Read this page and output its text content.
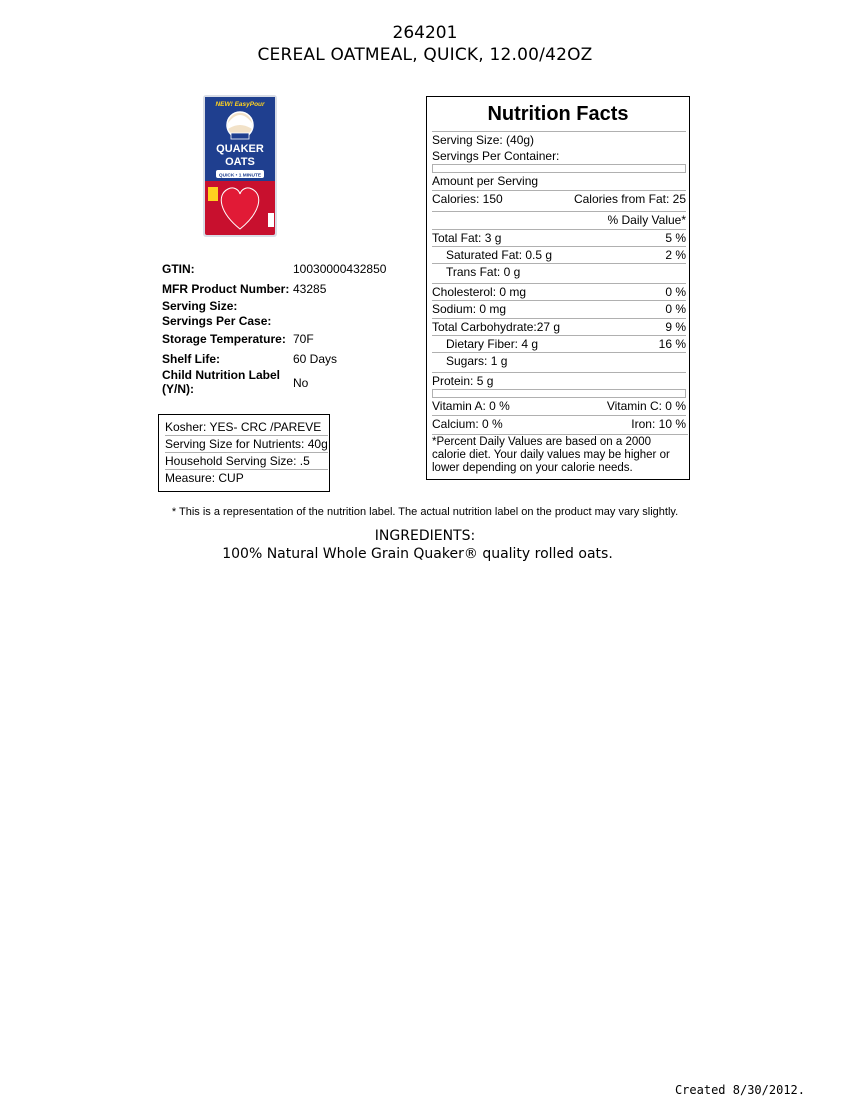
264201
CEREAL OATMEAL, QUICK, 12.00/42OZ
NEW! EasyPour
QUAKER
OATS
QUICK • 1 MINUTE
GTIN:	10030000432850
MFR Product Number: 43285
Serving Size:
Servings Per Case:
Storage Temperature: 70F
Shelf Life:	60 Days
Child Nutrition Label
(Y/N):	No
Kosher: YES- CRC /PAREVE
Serving Size for Nutrients: 40g
Household Serving Size: .5
Measure: CUP
Nutrition Facts
Serving Size: (40g)
Servings Per Container:
Amount per Serving
Calories: 150	Calories from Fat: 25
% Daily Value*
Total Fat: 3 g	5 %
Saturated Fat: 0.5 g	2 %
Trans Fat: 0 g
Cholesterol: 0 mg	0 %
Sodium: 0 mg	0 %
Total Carbohydrate:27 g	9 %
Dietary Fiber: 4 g	16 %
Sugars: 1 g
Protein: 5 g
Vitamin A: 0 %	Vitamin C: 0 %
Calcium: 0 %	Iron: 10 %
*Percent Daily Values are based on a 2000 calorie diet. Your daily values may be higher or lower depending on your calorie needs.
* This is a representation of the nutrition label. The actual nutrition label on the product may vary slightly.
INGREDIENTS:
100% Natural Whole Grain Quaker® quality rolled oats.
Created 8/30/2012.
